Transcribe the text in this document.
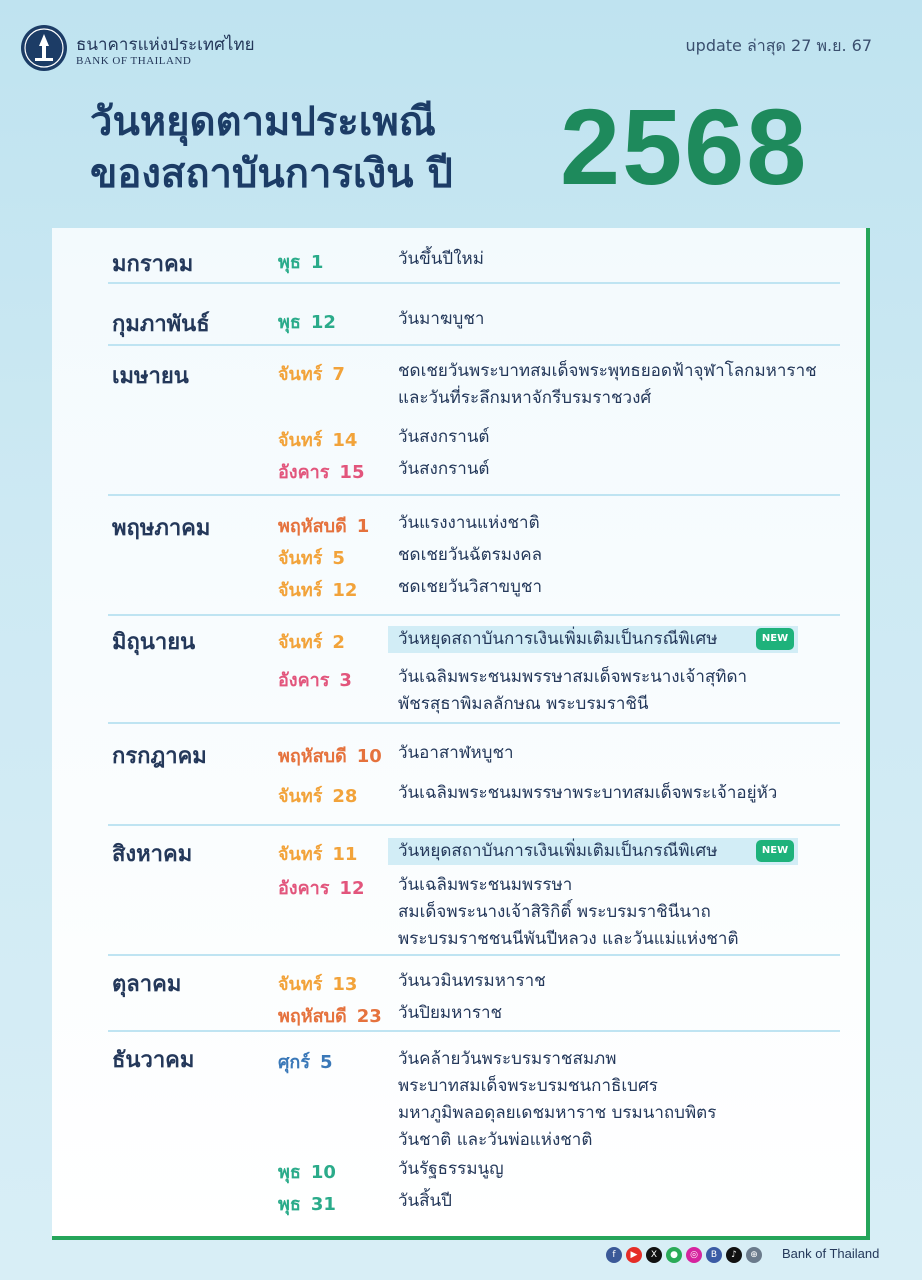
ธนาคารแห่งประเทศไทย
BANK OF THAILAND
update ล่าสุด 27 พ.ย. 67
วันหยุดตามประเพณี
ของสถาบันการเงิน ปี 2568
มกราคม	พุธ 1	วันขึ้นปีใหม่
กุมภาพันธ์	พุธ 12	วันมาฆบูชา
เมษายน	จันทร์ 7	ชดเชยวันพระบาทสมเด็จพระพุทธยอดฟ้าจุฬาโลกมหาราช
และวันที่ระลึกมหาจักรีบรมราชวงศ์
จันทร์ 14 วันสงกรานต์
อังคาร 15 วันสงกรานต์
พฤษภาคม	พฤหัสบดี 1 วันแรงงานแห่งชาติ
จันทร์ 5	ชดเชยวันฉัตรมงคล
จันทร์ 12 ชดเชยวันวิสาขบูชา
มิถุนายน	จันทร์ 2	วันหยุดสถาบันการเงินเพิ่มเติมเป็นกรณีพิเศษ	NEW
อังคาร 3	วันเฉลิมพระชนมพรรษาสมเด็จพระนางเจ้าสุทิดา
พัชรสุธาพิมลลักษณ พระบรมราชินี
กรกฎาคม	พฤหัสบดี 10 วันอาสาฬหบูชา
จันทร์ 28 วันเฉลิมพระชนมพรรษาพระบาทสมเด็จพระเจ้าอยู่หัว
สิงหาคม	จันทร์ 11 วันหยุดสถาบันการเงินเพิ่มเติมเป็นกรณีพิเศษ	NEW
อังคาร 12 วันเฉลิมพระชนมพรรษา
สมเด็จพระนางเจ้าสิริกิติ์ พระบรมราชินีนาถ
พระบรมราชชนนีพันปีหลวง และวันแม่แห่งชาติ
ตุลาคม	จันทร์ 13 วันนวมินทรมหาราช
พฤหัสบดี 23 วันปิยมหาราช
ธันวาคม	ศุกร์ 5	วันคล้ายวันพระบรมราชสมภพ
พระบาทสมเด็จพระบรมชนกาธิเบศร
มหาภูมิพลอดุลยเดชมหาราช บรมนาถบพิตร
วันชาติ และวันพ่อแห่งชาติ
พุธ 10	วันรัฐธรรมนูญ
พุธ 31	วันสิ้นปี
Bank of Thailand
f	▶	X	●	◎	B	♪	⊕
